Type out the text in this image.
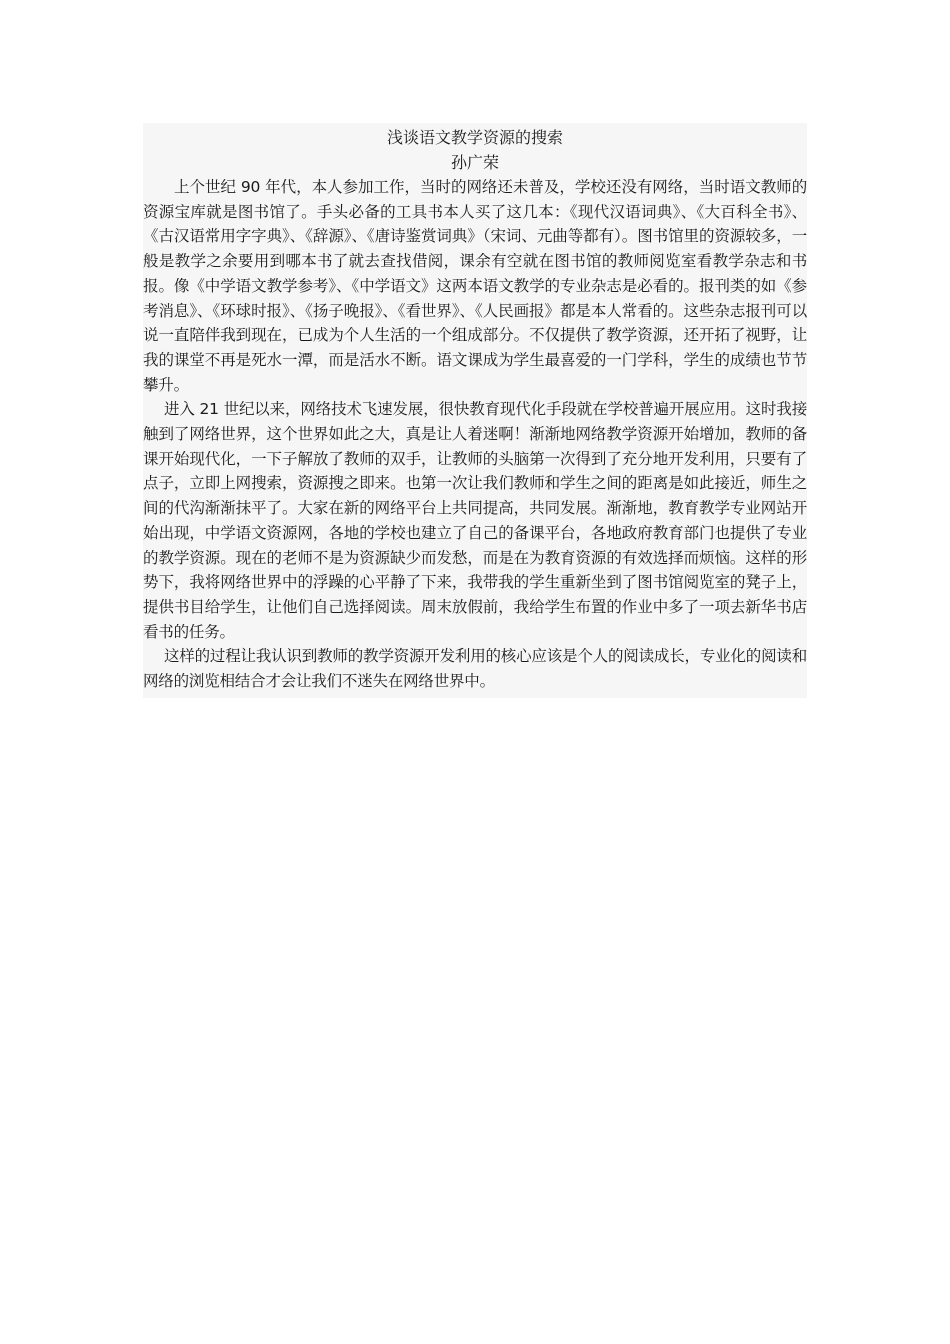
浅谈语文教学资源的搜索
孙广荣

上个世纪 90 年代，本人参加工作，当时的网络还未普及，学校还没有网络，当时语文教师的资源宝库就是图书馆了。手头必备的工具书本人买了这几本：《现代汉语词典》、《大百科全书》、《古汉语常用字字典》、《辞源》、《唐诗鉴赏词典》（宋词、元曲等都有）。图书馆里的资源较多，一般是教学之余要用到哪本书了就去查找借阅，课余有空就在图书馆的教师阅览室看教学杂志和书报。像《中学语文教学参考》、《中学语文》这两本语文教学的专业杂志是必看的。报刊类的如《参考消息》、《环球时报》、《扬子晚报》、《看世界》、《人民画报》都是本人常看的。这些杂志报刊可以说一直陪伴我到现在，已成为个人生活的一个组成部分。不仅提供了教学资源，还开拓了视野，让我的课堂不再是死水一潭，而是活水不断。语文课成为学生最喜爱的一门学科，学生的成绩也节节攀升。

进入 21 世纪以来，网络技术飞速发展，很快教育现代化手段就在学校普遍开展应用。这时我接触到了网络世界，这个世界如此之大，真是让人着迷啊！渐渐地网络教学资源开始增加，教师的备课开始现代化，一下子解放了教师的双手，让教师的头脑第一次得到了充分地开发利用，只要有了点子，立即上网搜索，资源搜之即来。也第一次让我们教师和学生之间的距离是如此接近，师生之间的代沟渐渐抹平了。大家在新的网络平台上共同提高，共同发展。渐渐地，教育教学专业网站开始出现，中学语文资源网，各地的学校也建立了自己的备课平台，各地政府教育部门也提供了专业的教学资源。现在的老师不是为资源缺少而发愁，而是在为教育资源的有效选择而烦恼。这样的形势下，我将网络世界中的浮躁的心平静了下来，我带我的学生重新坐到了图书馆阅览室的凳子上，提供书目给学生，让他们自己选择阅读。周末放假前，我给学生布置的作业中多了一项去新华书店看书的任务。

这样的过程让我认识到教师的教学资源开发利用的核心应该是个人的阅读成长，专业化的阅读和网络的浏览相结合才会让我们不迷失在网络世界中。
